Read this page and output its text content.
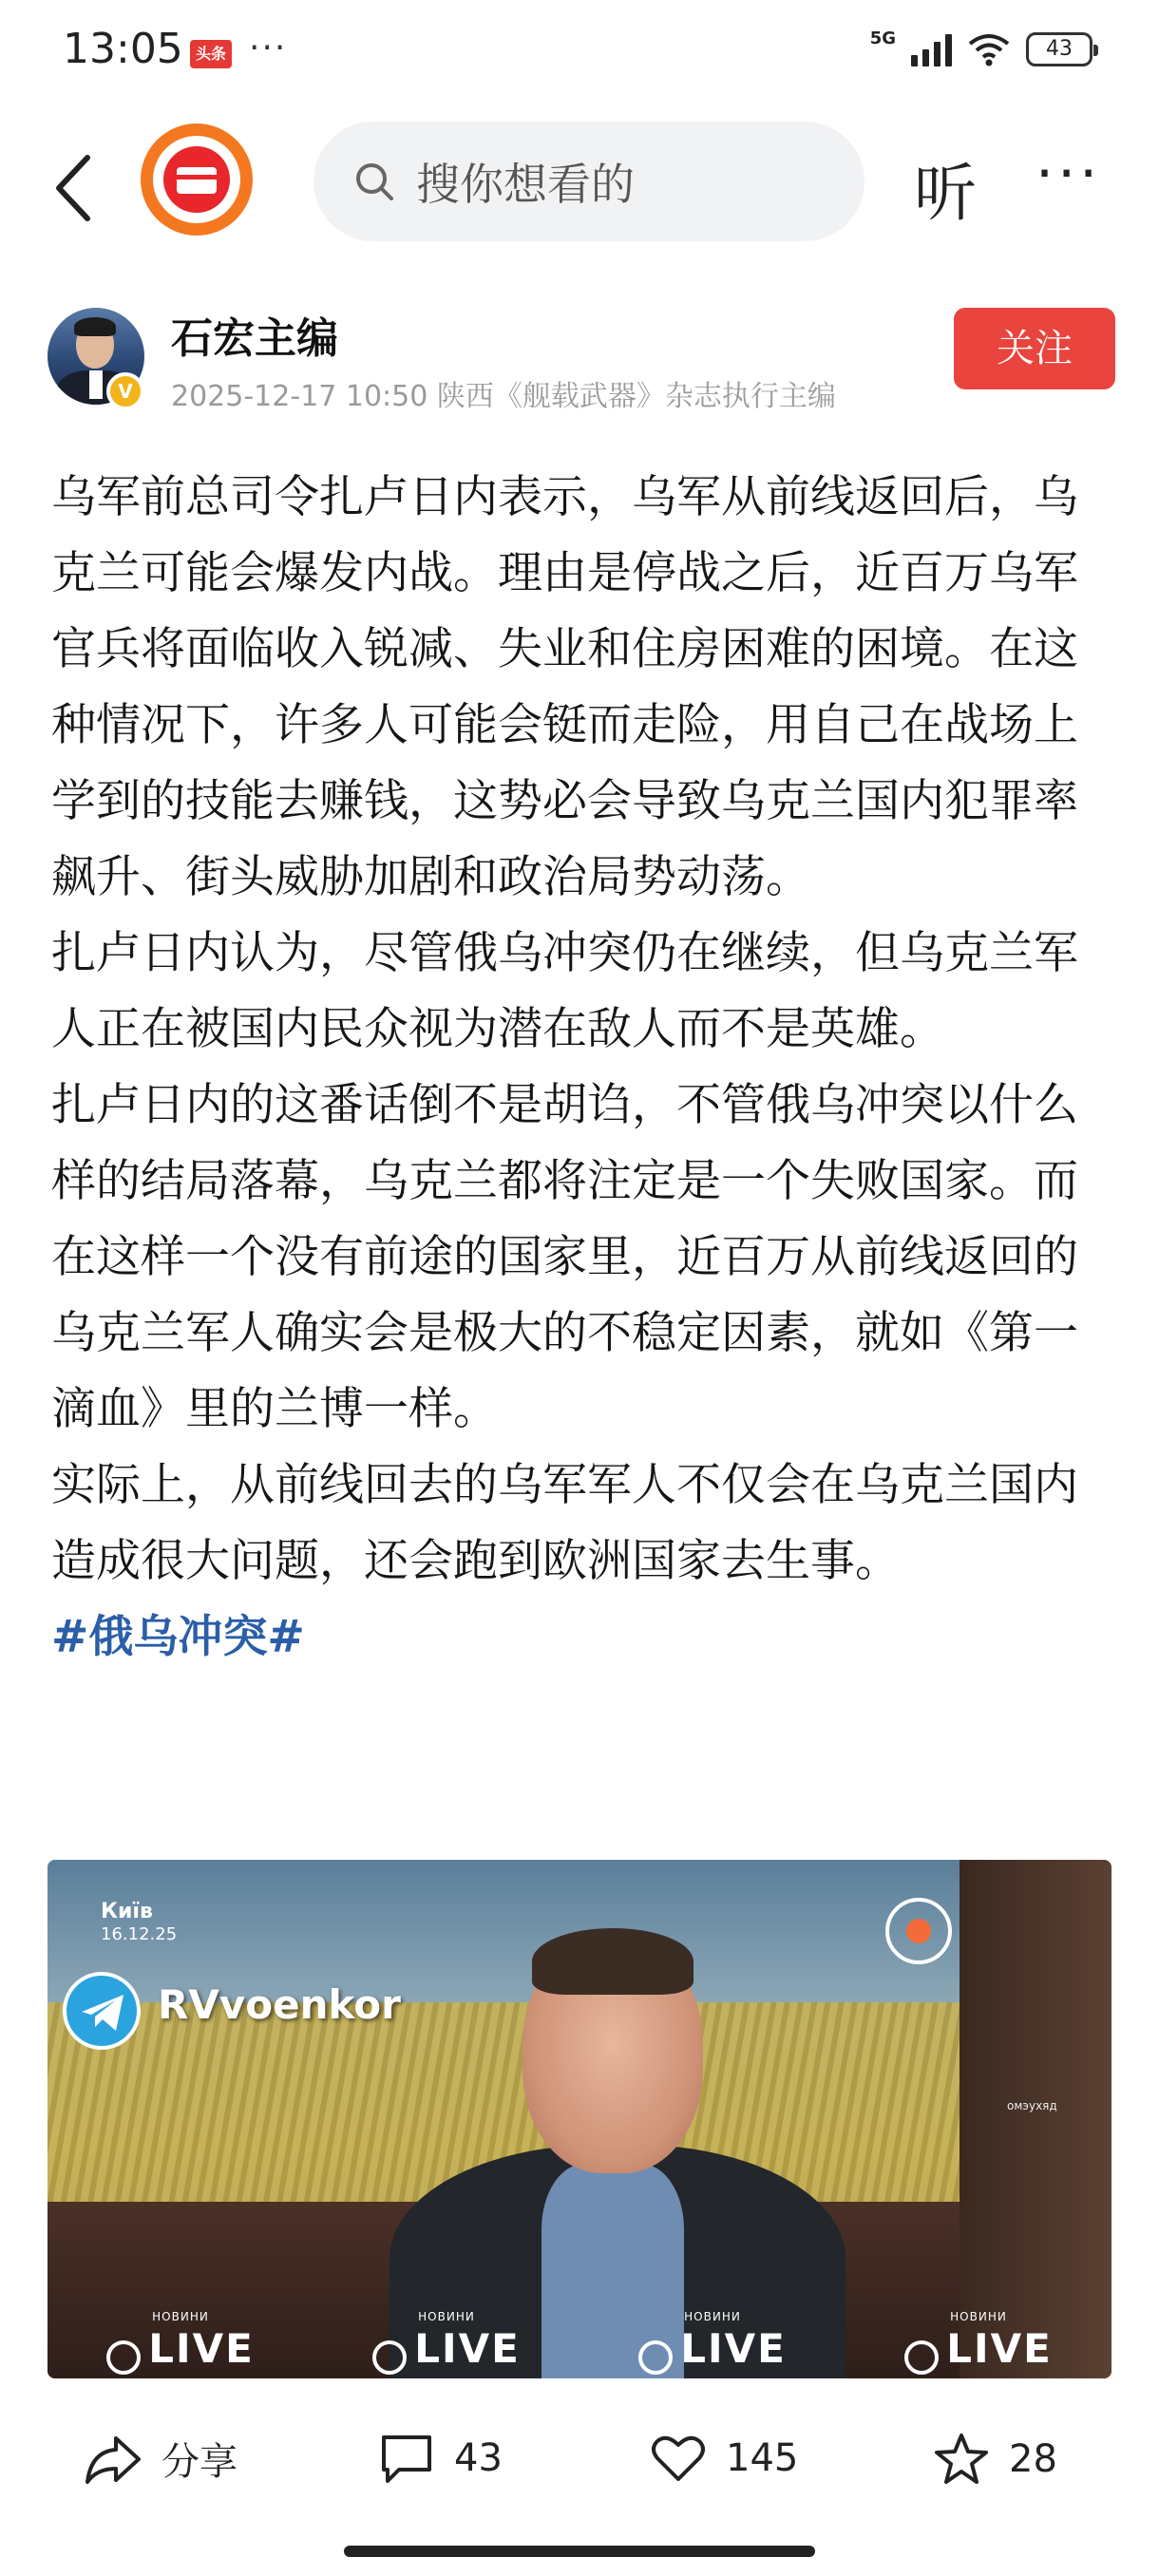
13:05 头条 ···	5G	43
搜你想看的	听 ···
V
石宏主编
2025-12-17 10:50 陕西《舰载武器》杂志执行主编
关注

乌军前总司令扎卢日内表示，乌军从前线返回后，乌克兰可能会爆发内战。理由是停战之后，近百万乌军官兵将面临收入锐减、失业和住房困难的困境。在这种情况下，许多人可能会铤而走险，用自己在战场上学到的技能去赚钱，这势必会导致乌克兰国内犯罪率飙升、街头威胁加剧和政治局势动荡。

扎卢日内认为，尽管俄乌冲突仍在继续，但乌克兰军人正在被国内民众视为潜在敌人而不是英雄。

扎卢日内的这番话倒不是胡诌，不管俄乌冲突以什么样的结局落幕，乌克兰都将注定是一个失败国家。而在这样一个没有前途的国家里，近百万从前线返回的乌克兰军人确实会是极大的不稳定因素，就如《第一滴血》里的兰博一样。

实际上，从前线回去的乌军军人不仅会在乌克兰国内造成很大问题，还会跑到欧洲国家去生事。

#俄乌冲突#

Київ
16.12.25
RVvoenkor
омэухяд
НОВИНИ
LIVE
НОВИНИ
LIVE
НОВИНИ
LIVE
НОВИНИ
LIVE
分享	43	145	28
